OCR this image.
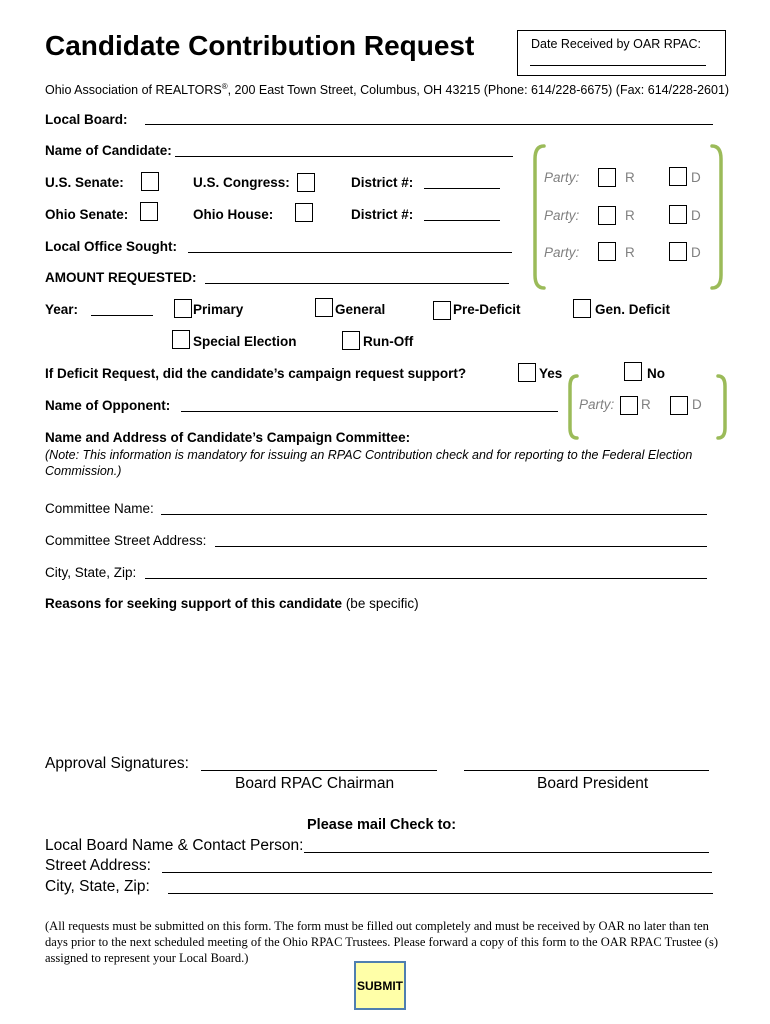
Candidate Contribution Request	Date Received by OAR RPAC:
Ohio Association of REALTORS®, 200 East Town Street, Columbus, OH 43215 (Phone: 614/228-6675) (Fax: 614/228-2601)
Local Board:
Name of Candidate:
U.S. Senate:	U.S. Congress:	District #:
Ohio Senate:	Ohio House:	District #:
Local Office Sought:
Party:	R	D
Party:	R	D
Party:	R	D
AMOUNT REQUESTED:
Year:	Primary	General	Pre-Deficit	Gen. Deficit
Special Election	Run-Off
If Deficit Request, did the candidate’s campaign request support?	Yes	No
Name of Opponent:	Party: R	D
Name and Address of Candidate’s Campaign Committee:
(Note: This information is mandatory for issuing an RPAC Contribution check and for reporting to the Federal Election Commission.)
Committee Name:
Committee Street Address:
City, State, Zip:
Reasons for seeking support of this candidate (be specific)
Approval Signatures:
Board RPAC Chairman	Board President
Please mail Check to:
Local Board Name & Contact Person:
Street Address:
City, State, Zip:
(All requests must be submitted on this form. The form must be filled out completely and must be received by OAR no later than ten days prior to the next scheduled meeting of the Ohio RPAC Trustees. Please forward a copy of this form to the OAR RPAC Trustee (s) assigned to represent your Local Board.)
SUBMIT
